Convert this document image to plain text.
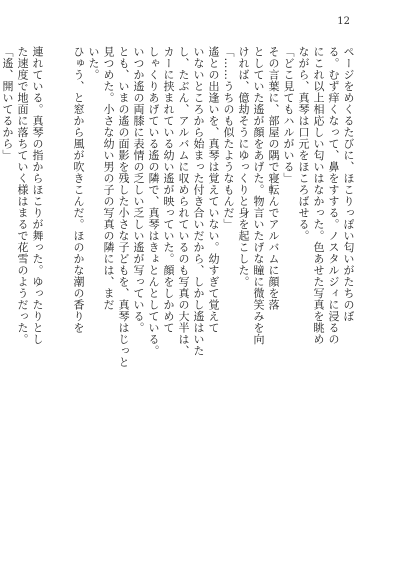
12
ページをめくるたびに、ほこりっぽい匂いがたちのぼ
る。むず痒くなって、鼻をすする。ノスタルジィに浸るの
にこれ以上相応しい匂いはなかった。色あせた写真を眺め
ながら、真琴は口元をほころばせる。
「どこ見てもハルがいる」
その言葉に、部屋の隅で寝転んでアルバムに顔を落
としていた遙が顔をあげた。物言いたげな瞳に微笑みを向
ければ、億劫そうにゆっくりと身を起こした。
「……うちのも似たようなもんだ」
遙との出逢いを、真琴は覚えていない。幼すぎて覚えて
いないところから始まった付き合いだから、しかし遙はいた
し、たぶん、アルバムに収められているのも写真の大半は、
カーに挟まれている幼い遙が映っていた。顔をしかめて
しゃくりあげている遙の隣で、真琴はきょとんとしている。
いつか遙の両膝に表情の乏しい乏しい遙が写っている。
とも、いまの遙の面影を残した小さな子どもを、真琴はじっと
見つめた。小さな幼い男の子の写真の隣には、まだ
いた。
ひゅう、と窓から風が吹きこんだ。ほのかな潮の香りを
連れている。真琴の指からほこりが舞った。ゆったりとし
た速度で地面に落ちていく様はまるで花雪のようだった。
「遙、開いてるから」
